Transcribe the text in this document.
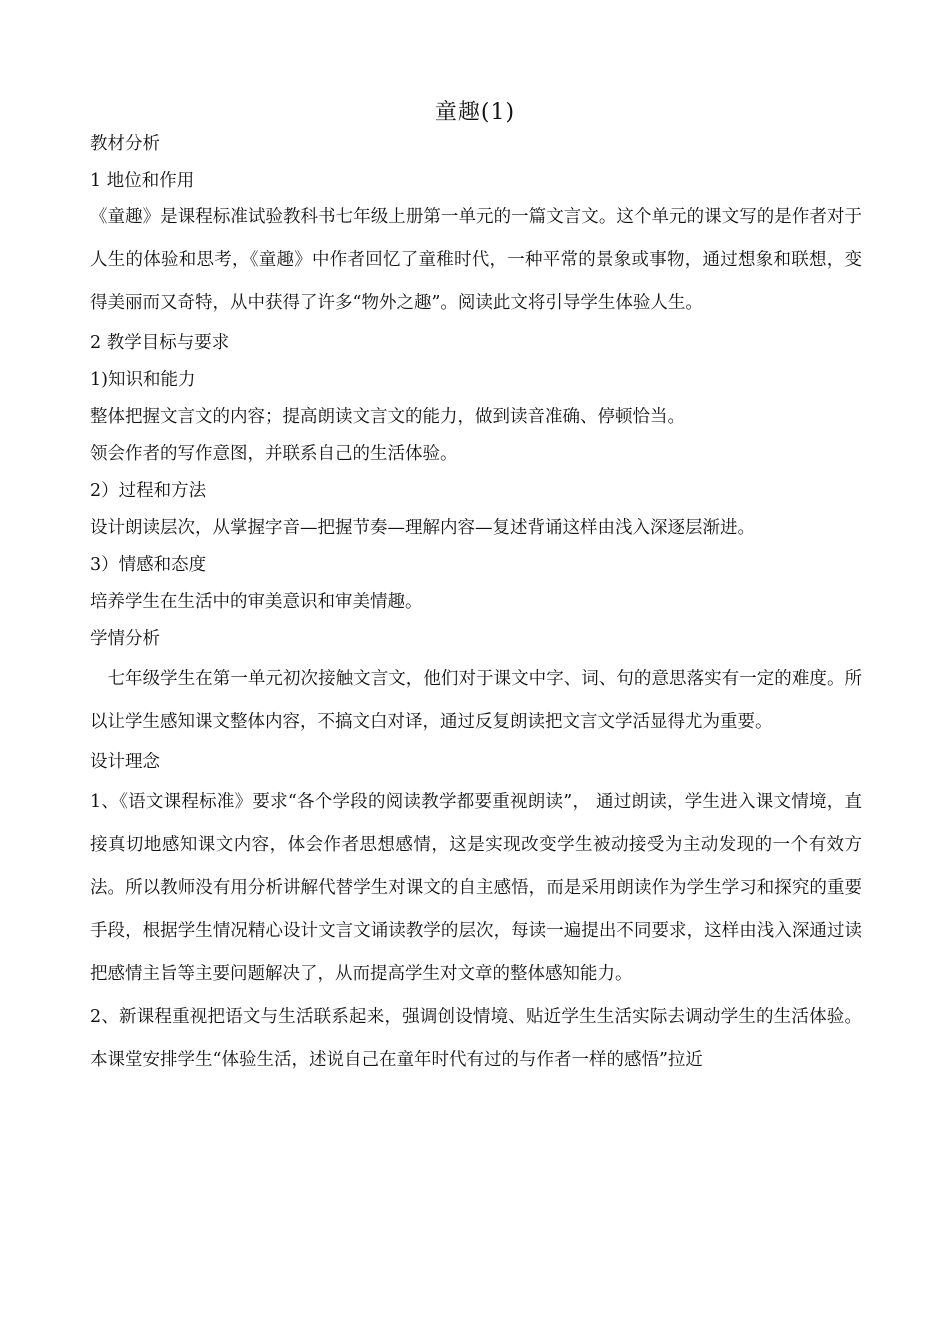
童趣(1)

教材分析

1 地位和作用

《童趣》是课程标准试验教科书七年级上册第一单元的一篇文言文。这个单元的课文写的是作者对于人生的体验和思考，《童趣》中作者回忆了童稚时代，一种平常的景象或事物，通过想象和联想，变得美丽而又奇特，从中获得了许多“物外之趣”。阅读此文将引导学生体验人生。

2 教学目标与要求

1)知识和能力

整体把握文言文的内容；提高朗读文言文的能力，做到读音准确、停顿恰当。

领会作者的写作意图，并联系自己的生活体验。

2）过程和方法

设计朗读层次，从掌握字音—把握节奏—理解内容—复述背诵这样由浅入深逐层渐进。

3）情感和态度

培养学生在生活中的审美意识和审美情趣。

学情分析

七年级学生在第一单元初次接触文言文，他们对于课文中字、词、句的意思落实有一定的难度。所以让学生感知课文整体内容，不搞文白对译，通过反复朗读把文言文学活显得尤为重要。

设计理念

1、《语文课程标准》要求“各个学段的阅读教学都要重视朗读”， 通过朗读，学生进入课文情境，直接真切地感知课文内容，体会作者思想感情，这是实现改变学生被动接受为主动发现的一个有效方法。所以教师没有用分析讲解代替学生对课文的自主感悟，而是采用朗读作为学生学习和探究的重要手段，根据学生情况精心设计文言文诵读教学的层次，每读一遍提出不同要求，这样由浅入深通过读把感情主旨等主要问题解决了，从而提高学生对文章的整体感知能力。

2、新课程重视把语文与生活联系起来，强调创设情境、贴近学生生活实际去调动学生的生活体验。本课堂安排学生“体验生活，述说自己在童年时代有过的与作者一样的感悟”拉近
